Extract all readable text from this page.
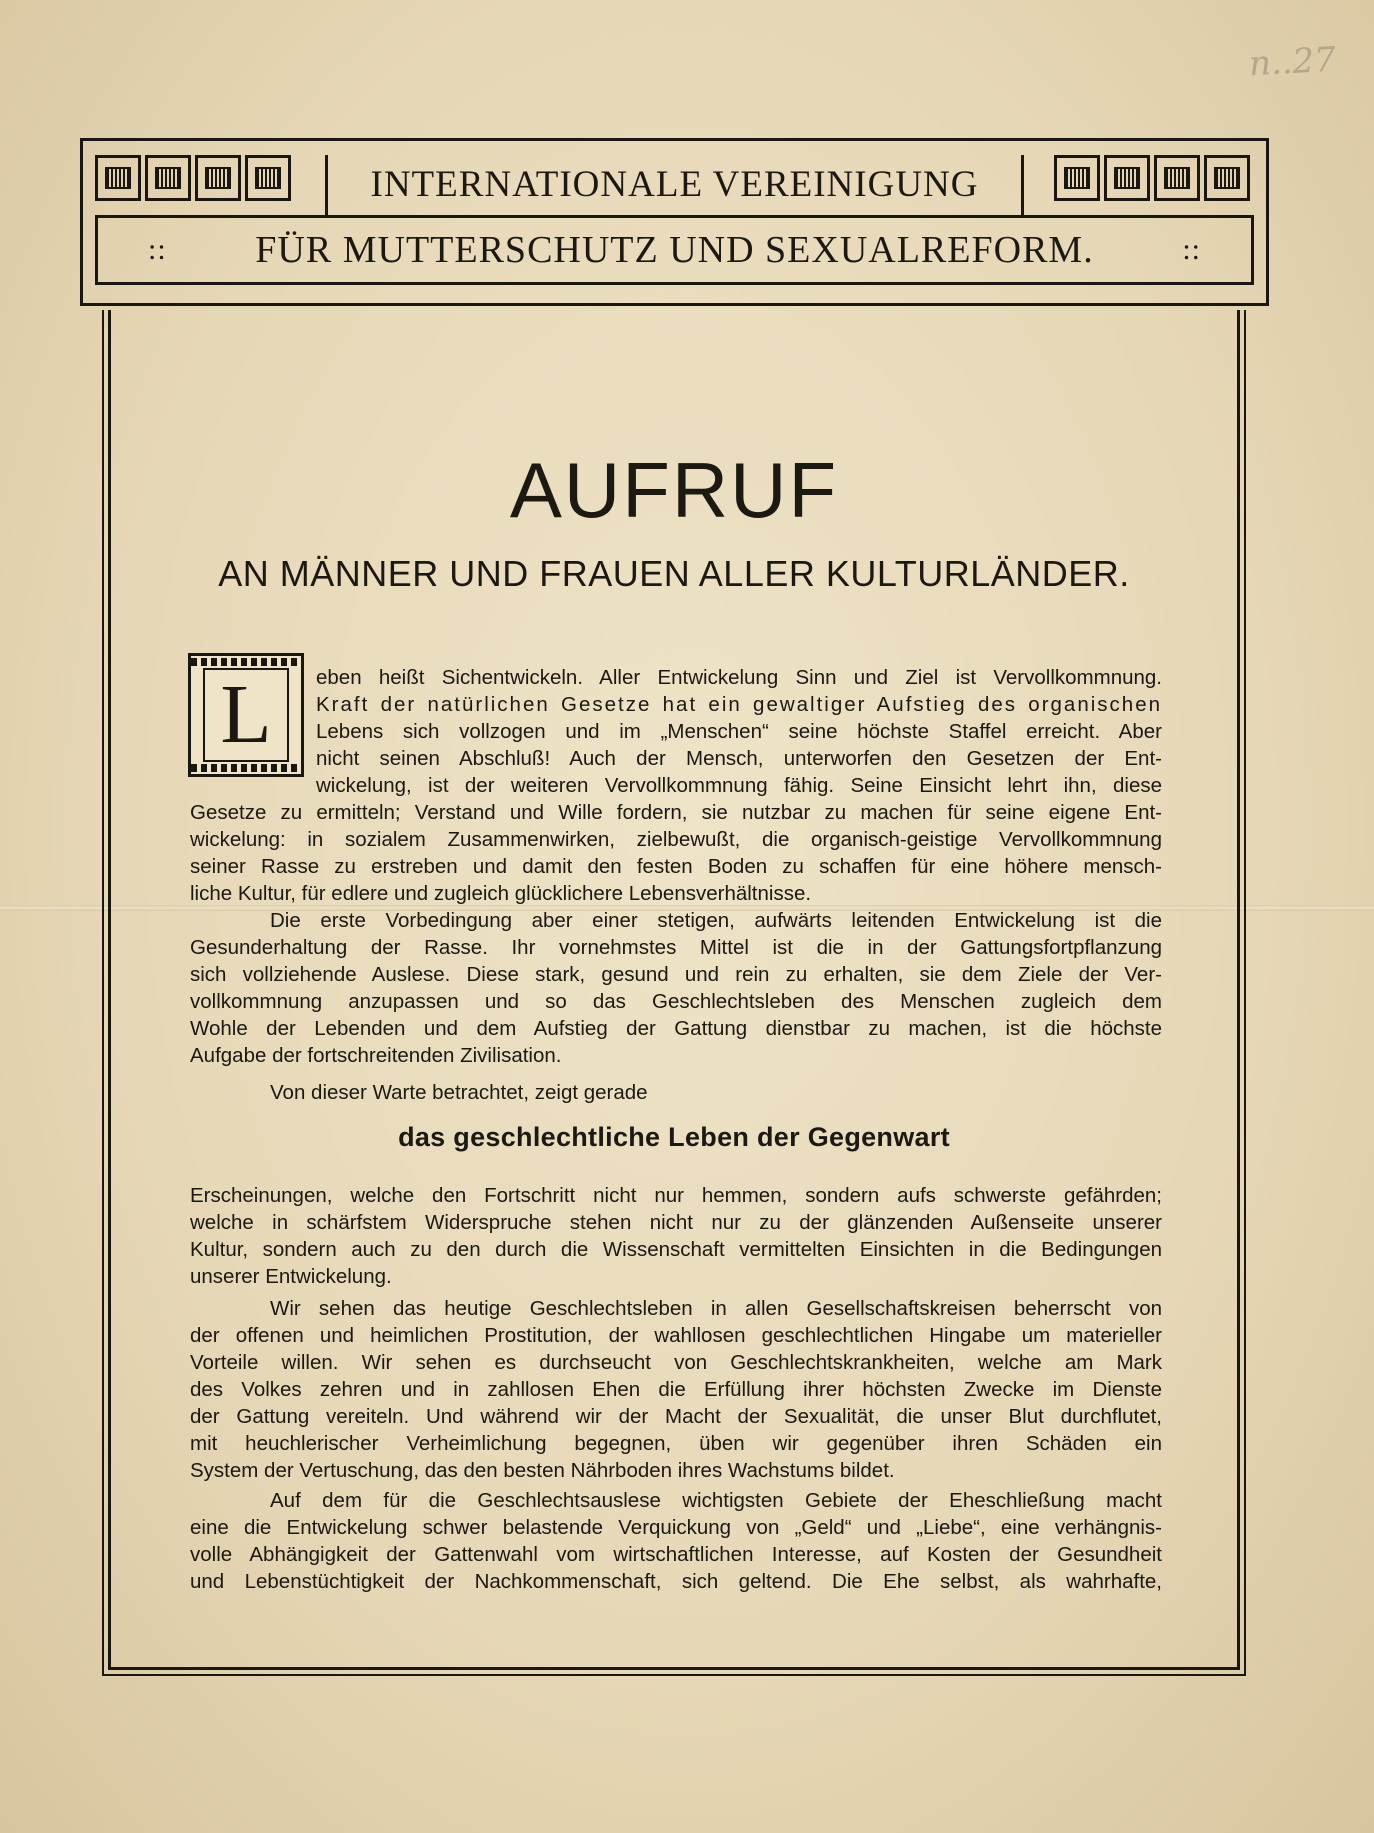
n..27
INTERNATIONALE VEREINIGUNG
:: FÜR MUTTERSCHUTZ UND SEXUALREFORM.	::
AUFRUF
AN MÄNNER UND FRAUEN ALLER KULTURLÄNDER.
L	eben heißt Sichentwickeln. Aller Entwickelung Sinn und Ziel ist Vervollkommnung.
Kraft der natürlichen Gesetze hat ein gewaltiger Aufstieg des organischen
Lebens sich vollzogen und im „Menschen“ seine höchste Staffel erreicht. Aber
nicht seinen Abschluß! Auch der Mensch, unterworfen den Gesetzen der Ent-
wickelung, ist der weiteren Vervollkommnung fähig. Seine Einsicht lehrt ihn, diese
Gesetze zu ermitteln; Verstand und Wille fordern, sie nutzbar zu machen für seine eigene Ent-
wickelung: in sozialem Zusammenwirken, zielbewußt, die organisch-geistige Vervollkommnung
seiner Rasse zu erstreben und damit den festen Boden zu schaffen für eine höhere mensch-
liche Kultur, für edlere und zugleich glücklichere Lebensverhältnisse.
Die erste Vorbedingung aber einer stetigen, aufwärts leitenden Entwickelung ist die
Gesunderhaltung der Rasse. Ihr vornehmstes Mittel ist die in der Gattungsfortpflanzung
sich vollziehende Auslese. Diese stark, gesund und rein zu erhalten, sie dem Ziele der Ver-
vollkommnung anzupassen und so das Geschlechtsleben des Menschen zugleich dem
Wohle der Lebenden und dem Aufstieg der Gattung dienstbar zu machen, ist die höchste
Aufgabe der fortschreitenden Zivilisation.
Von dieser Warte betrachtet, zeigt gerade
das geschlechtliche Leben der Gegenwart
Erscheinungen, welche den Fortschritt nicht nur hemmen, sondern aufs schwerste gefährden;
welche in schärfstem Widerspruche stehen nicht nur zu der glänzenden Außenseite unserer
Kultur, sondern auch zu den durch die Wissenschaft vermittelten Einsichten in die Bedingungen
unserer Entwickelung.
Wir sehen das heutige Geschlechtsleben in allen Gesellschaftskreisen beherrscht von
der offenen und heimlichen Prostitution, der wahllosen geschlechtlichen Hingabe um materieller
Vorteile willen. Wir sehen es durchseucht von Geschlechtskrankheiten, welche am Mark
des Volkes zehren und in zahllosen Ehen die Erfüllung ihrer höchsten Zwecke im Dienste
der Gattung vereiteln. Und während wir der Macht der Sexualität, die unser Blut durchflutet,
mit heuchlerischer Verheimlichung begegnen, üben wir gegenüber ihren Schäden ein
System der Vertuschung, das den besten Nährboden ihres Wachstums bildet.
Auf dem für die Geschlechtsauslese wichtigsten Gebiete der Eheschließung macht
eine die Entwickelung schwer belastende Verquickung von „Geld“ und „Liebe“, eine verhängnis-
volle Abhängigkeit der Gattenwahl vom wirtschaftlichen Interesse, auf Kosten der Gesundheit
und Lebenstüchtigkeit der Nachkommenschaft, sich geltend. Die Ehe selbst, als wahrhafte,
